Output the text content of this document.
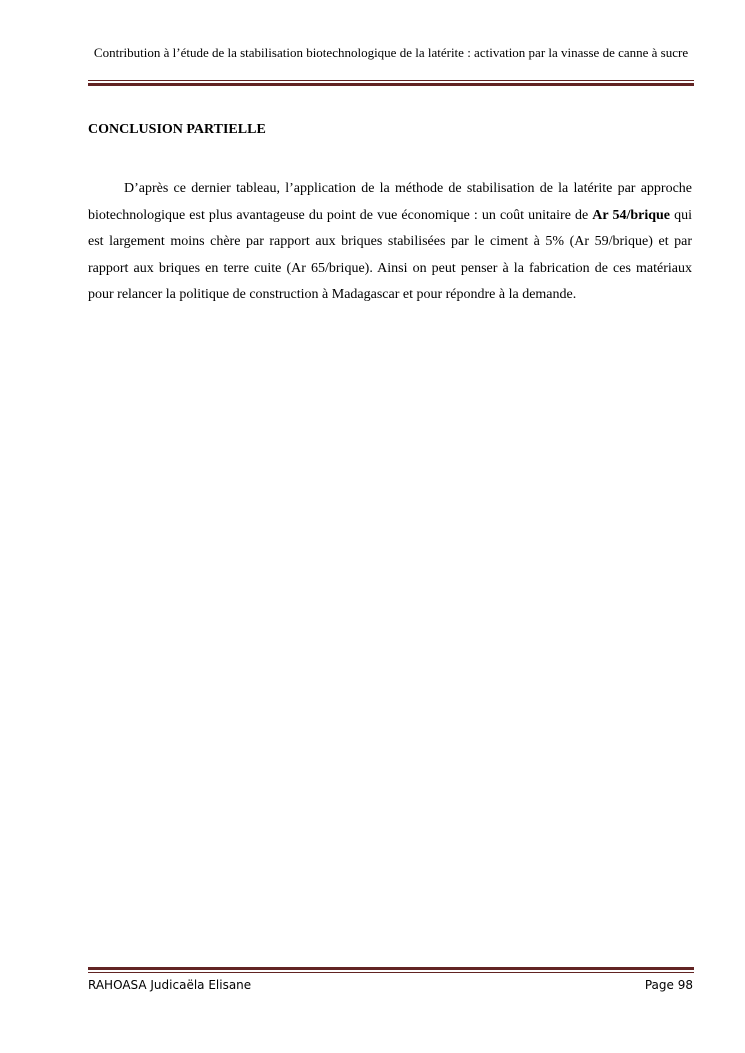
Contribution à l’étude de la stabilisation biotechnologique de la latérite : activation par la vinasse de canne à sucre
CONCLUSION PARTIELLE

D’après ce dernier tableau, l’application de la méthode de stabilisation de la latérite par approche biotechnologique est plus avantageuse du point de vue économique : un coût unitaire de Ar 54/brique qui est largement moins chère par rapport aux briques stabilisées par le ciment à 5% (Ar 59/brique) et par rapport aux briques en terre cuite (Ar 65/brique). Ainsi on peut penser à la fabrication de ces matériaux pour relancer la politique de construction à Madagascar et pour répondre à la demande.

RAHOASA Judicaëla Elisane	Page 98
